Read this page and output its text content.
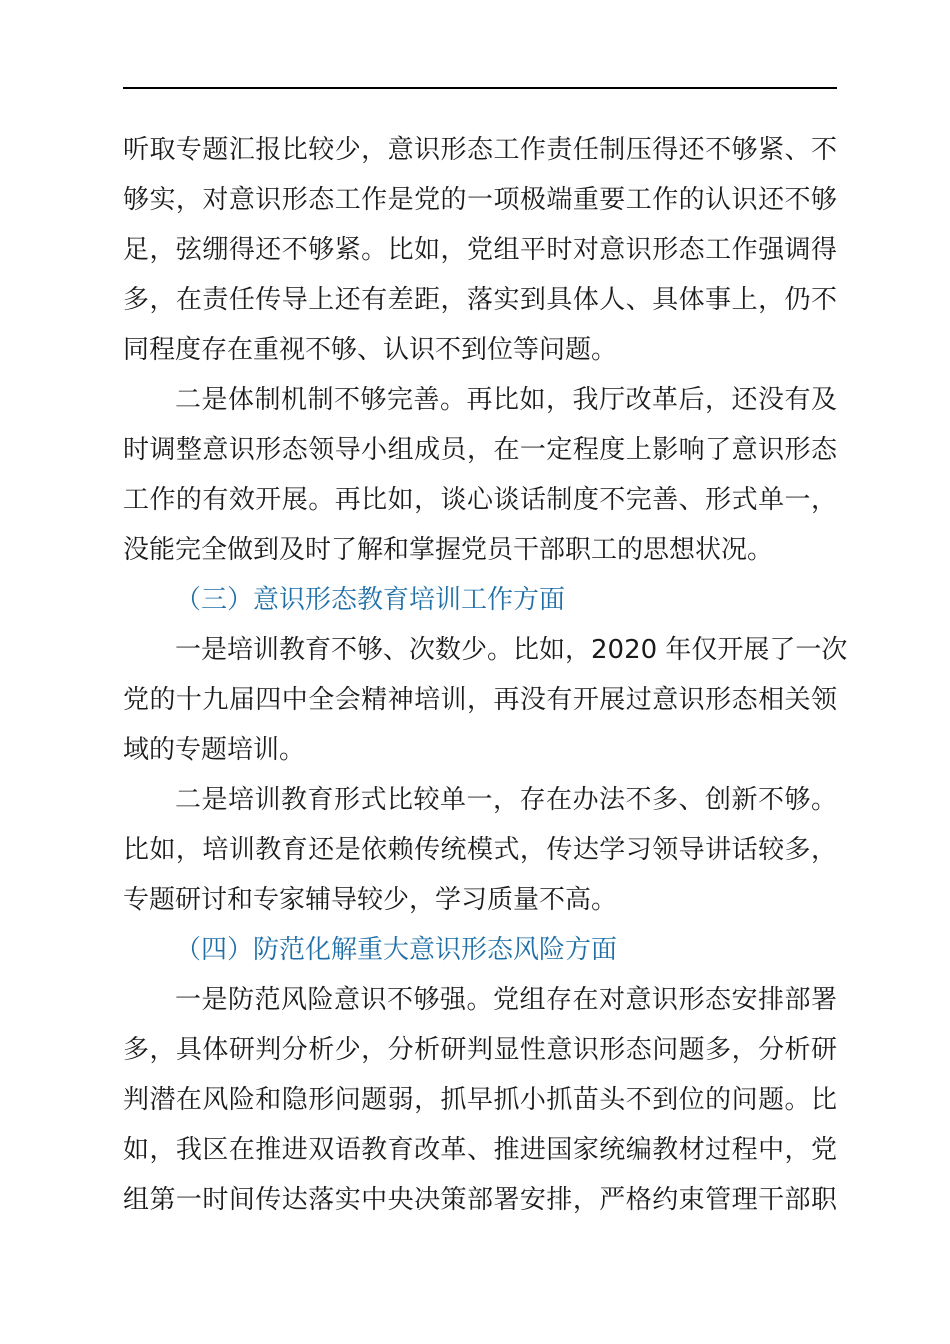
听取专题汇报比较少，意识形态工作责任制压得还不够紧、不
够实，对意识形态工作是党的一项极端重要工作的认识还不够
足，弦绷得还不够紧。比如，党组平时对意识形态工作强调得
多，在责任传导上还有差距，落实到具体人、具体事上，仍不
同程度存在重视不够、认识不到位等问题。
二是体制机制不够完善。再比如，我厅改革后，还没有及
时调整意识形态领导小组成员，在一定程度上影响了意识形态
工作的有效开展。再比如，谈心谈话制度不完善、形式单一，
没能完全做到及时了解和掌握党员干部职工的思想状况。
（三）意识形态教育培训工作方面
一是培训教育不够、次数少。比如，2020 年仅开展了一次
党的十九届四中全会精神培训，再没有开展过意识形态相关领
域的专题培训。
二是培训教育形式比较单一，存在办法不多、创新不够。
比如，培训教育还是依赖传统模式，传达学习领导讲话较多，
专题研讨和专家辅导较少，学习质量不高。
（四）防范化解重大意识形态风险方面
一是防范风险意识不够强。党组存在对意识形态安排部署
多，具体研判分析少，分析研判显性意识形态问题多，分析研
判潜在风险和隐形问题弱，抓早抓小抓苗头不到位的问题。比
如，我区在推进双语教育改革、推进国家统编教材过程中，党
组第一时间传达落实中央决策部署安排，严格约束管理干部职
